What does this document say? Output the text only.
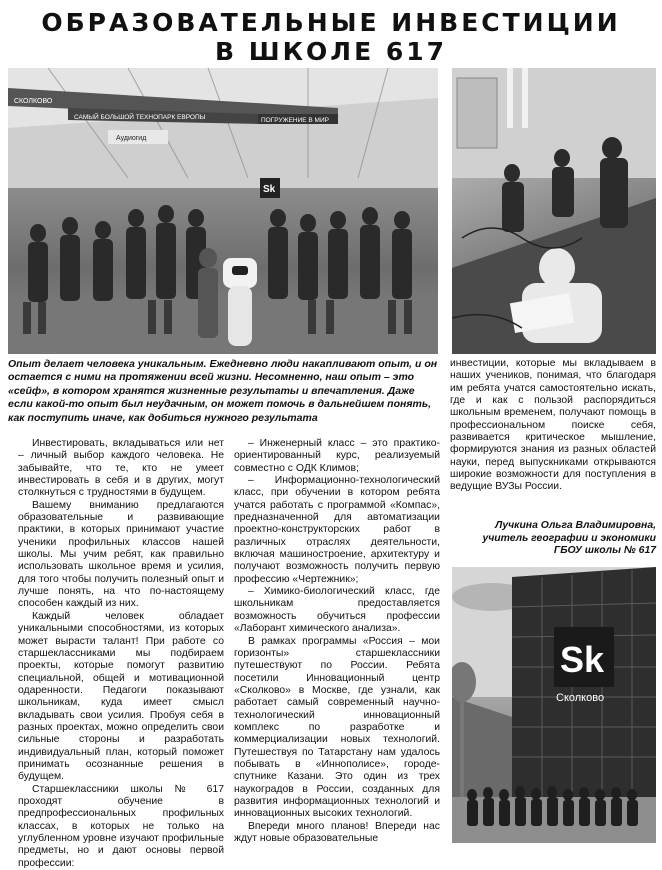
ОБРАЗОВАТЕЛЬНЫЕ ИНВЕСТИЦИИ
В ШКОЛЕ 617
СКОЛКОВО
САМЫЙ БОЛЬШОЙ ТЕХНОПАРК ЕВРОПЫ	ПОГРУЖЕНИЕ В МИР
Аудиогид
Sk
Опыт делает человека уникальным. Ежедневно люди накапливают опыт, и он остается с ними на протяжении всей жизни. Несомненно, наш опыт – это «сейф», в котором хранятся жизненные результаты и впечатления. Даже если какой-то опыт был неудачным, он может помочь в дальнейшем понять, как поступить иначе, как добиться нужного результата

Инвестировать, вкладываться или нет – личный выбор каждого человека. Не забывайте, что те, кто не умеет инвестировать в себя и в других, могут столкнуться с трудностями в будущем.

Вашему вниманию предлагаются образовательные и развивающие практики, в которых принимают участие ученики профильных классов нашей школы. Мы учим ребят, как правильно использовать школьное время и усилия, для того чтобы получить полезный опыт и лучше понять, на что по-настоящему способен каждый из них.

Каждый человек обладает уникальными способностями, из которых может вырасти талант! При работе со старшеклассниками мы подбираем проекты, которые помогут развитию специальной, общей и мотивационной одаренности. Педагоги показывают школьникам, куда имеет смысл вкладывать свои усилия. Пробуя себя в разных проектах, можно определить свои сильные стороны и разработать индивидуальный план, который поможет принимать осознанные решения в будущем.

Старшеклассники школы № 617 проходят обучение в предпрофессиональных профильных классах, в которых не только на углубленном уровне изучают профильные предметы, но и дают основы первой профессии:

– Инженерный класс – это практико-ориентированный курс, реализуемый совместно с ОДК Климов;

– Информационно-технологический класс, при обучении в котором ребята учатся работать с программой «Компас», предназначенной для автоматизации проектно-конструкторских работ в различных отраслях деятельности, включая машиностроение, архитектуру и получают возможность получить первую профессию «Чертежник»;

– Химико-биологический класс, где школьникам предоставляется возможность обучиться профессии «Лаборант химического анализа».

В рамках программы «Россия – мои горизонты» старшеклассники путешествуют по России. Ребята посетили Инновационный центр «Сколково» в Москве, где узнали, как работает самый современный научно-технологический инновационный комплекс по разработке и коммерциализации новых технологий. Путешествуя по Татарстану нам удалось побывать в «Иннополисе», городе-спутнике Казани. Это один из трех наукоградов в России, созданных для развития информационных технологий и инновационных высоких технологий.

Впереди много планов! Впереди нас ждут новые образовательные

инвестиции, которые мы вкладываем в наших учеников, понимая, что благодаря им ребята учатся самостоятельно искать, где и как с пользой распорядиться школьным временем, получают помощь в профессиональном поиске себя, развивается критическое мышление, формируются знания из разных областей науки, перед выпускниками открываются широкие возможности для поступления в ведущие ВУЗы России.

Лучкина Ольга Владимировна,
учитель географии и экономики
ГБОУ школы № 617
Sk
Сколково
